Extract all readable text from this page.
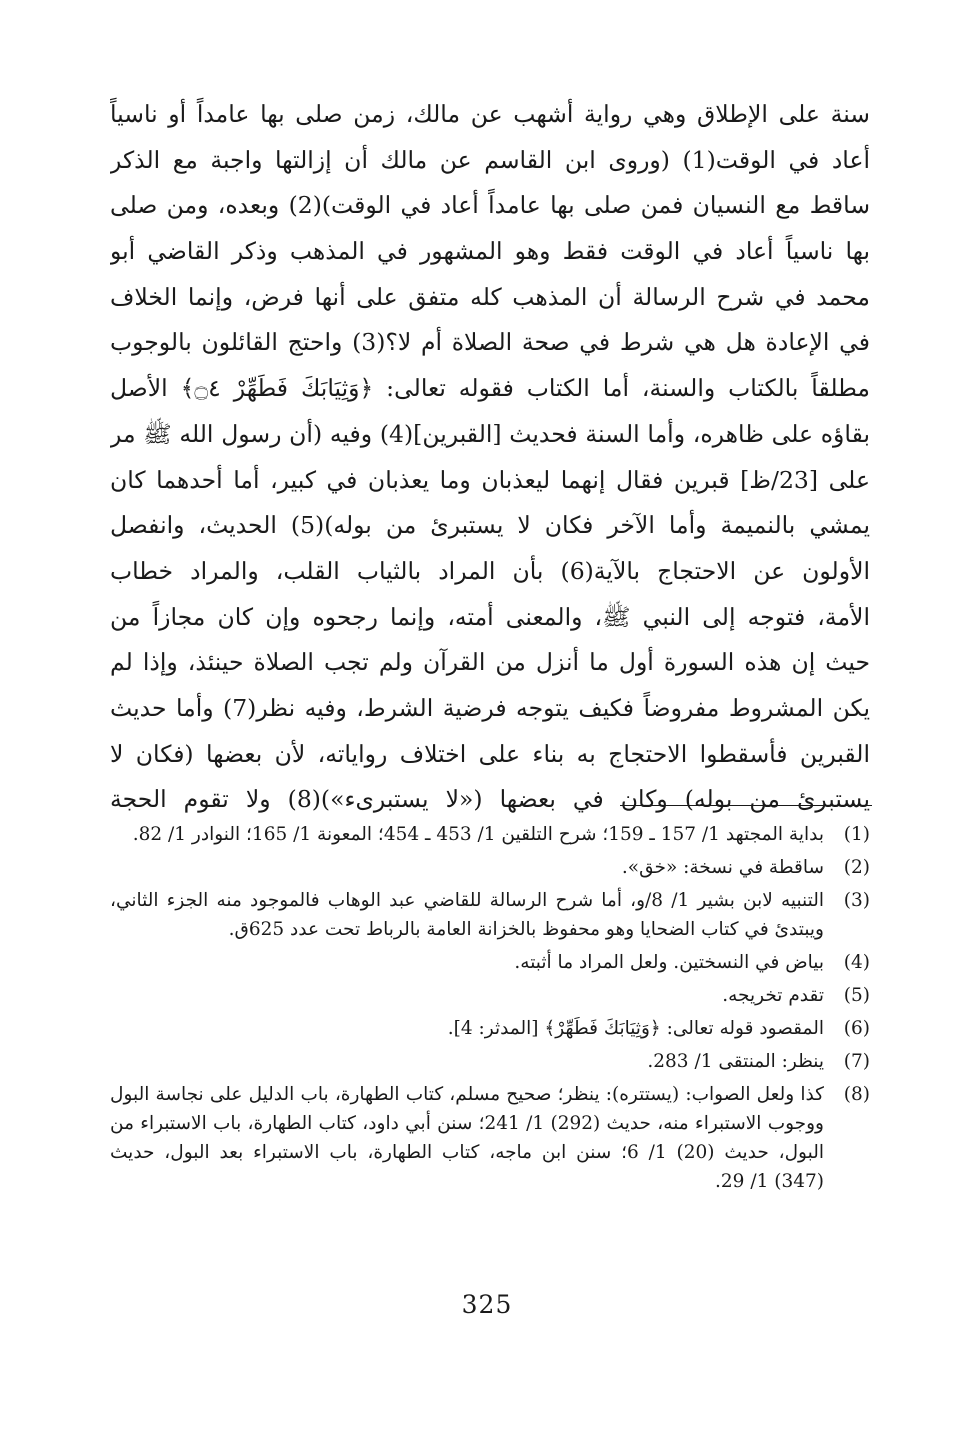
سنة على الإطلاق وهي رواية أشهب عن مالك، زمن صلى بها عامداً أو ناسياً
أعاد في الوقت(1) (وروى ابن القاسم عن مالك أن إزالتها واجبة مع الذكر
ساقط مع النسيان فمن صلى بها عامداً أعاد في الوقت)(2) وبعده، ومن صلى
بها ناسياً أعاد في الوقت فقط وهو المشهور في المذهب وذكر القاضي أبو
محمد في شرح الرسالة أن المذهب كله متفق على أنها فرض، وإنما الخلاف
في الإعادة هل هي شرط في صحة الصلاة أم لا؟(3) واحتج القائلون بالوجوب
مطلقاً بالكتاب والسنة، أما الكتاب فقوله تعالى: ﴿وَثِيَابَكَ فَطَهِّرْ ۝٤﴾ الأصل
بقاؤه على ظاهره، وأما السنة فحديث [القبرين](4) وفيه (أن رسول الله ﷺ مر
على [23/ظ] قبرين فقال إنهما ليعذبان وما يعذبان في كبير، أما أحدهما كان
يمشي بالنميمة وأما الآخر فكان لا يستبرئ من بوله)(5) الحديث، وانفصل
الأولون عن الاحتجاج بالآية(6) بأن المراد بالثياب القلب، والمراد خطاب
الأمة، فتوجه إلى النبي ﷺ، والمعنى أمته، وإنما رجحوه وإن كان مجازاً من
حيث إن هذه السورة أول ما أنزل من القرآن ولم تجب الصلاة حينئذ، وإذا لم
يكن المشروط مفروضاً فكيف يتوجه فرضية الشرط، وفيه نظر(7) وأما حديث
القبرين فأسقطوا الاحتجاج به بناء على اختلاف رواياته، لأن بعضها (فكان لا
يستبرئ من بوله) وكان في بعضها («لا يستبرىء»)(8) ولا تقوم الحجة
(1)
بداية المجتهد 1/ 157 ـ 159؛ شرح التلقين 1/ 453 ـ 454؛ المعونة 1/ 165؛ النوادر 1/ 82.
(2)
ساقطة في نسخة: «خق».
(3)
التنبيه لابن بشير 1/ 8/و، أما شرح الرسالة للقاضي عبد الوهاب فالموجود منه الجزء الثاني، ويبتدئ في كتاب الضحايا وهو محفوظ بالخزانة العامة بالرباط تحت عدد 625ق.
(4)
بياض في النسختين. ولعل المراد ما أثبته.
(5)
تقدم تخريجه.
(6)
المقصود قوله تعالى: ﴿وَثِيَابَكَ فَطَهِّرْ﴾ [المدثر: 4].
(7)
ينظر: المنتقى 1/ 283.
(8)
كذا ولعل الصواب: (يستتره): ينظر؛ صحيح مسلم، كتاب الطهارة، باب الدليل على نجاسة البول ووجوب الاستبراء منه، حديث (292) 1/ 241؛ سنن أبي داود، كتاب الطهارة، باب الاستبراء من البول، حديث (20) 1/ 6؛ سنن ابن ماجه، كتاب الطهارة، باب الاستبراء بعد البول، حديث (347) 1/ 29.
325
